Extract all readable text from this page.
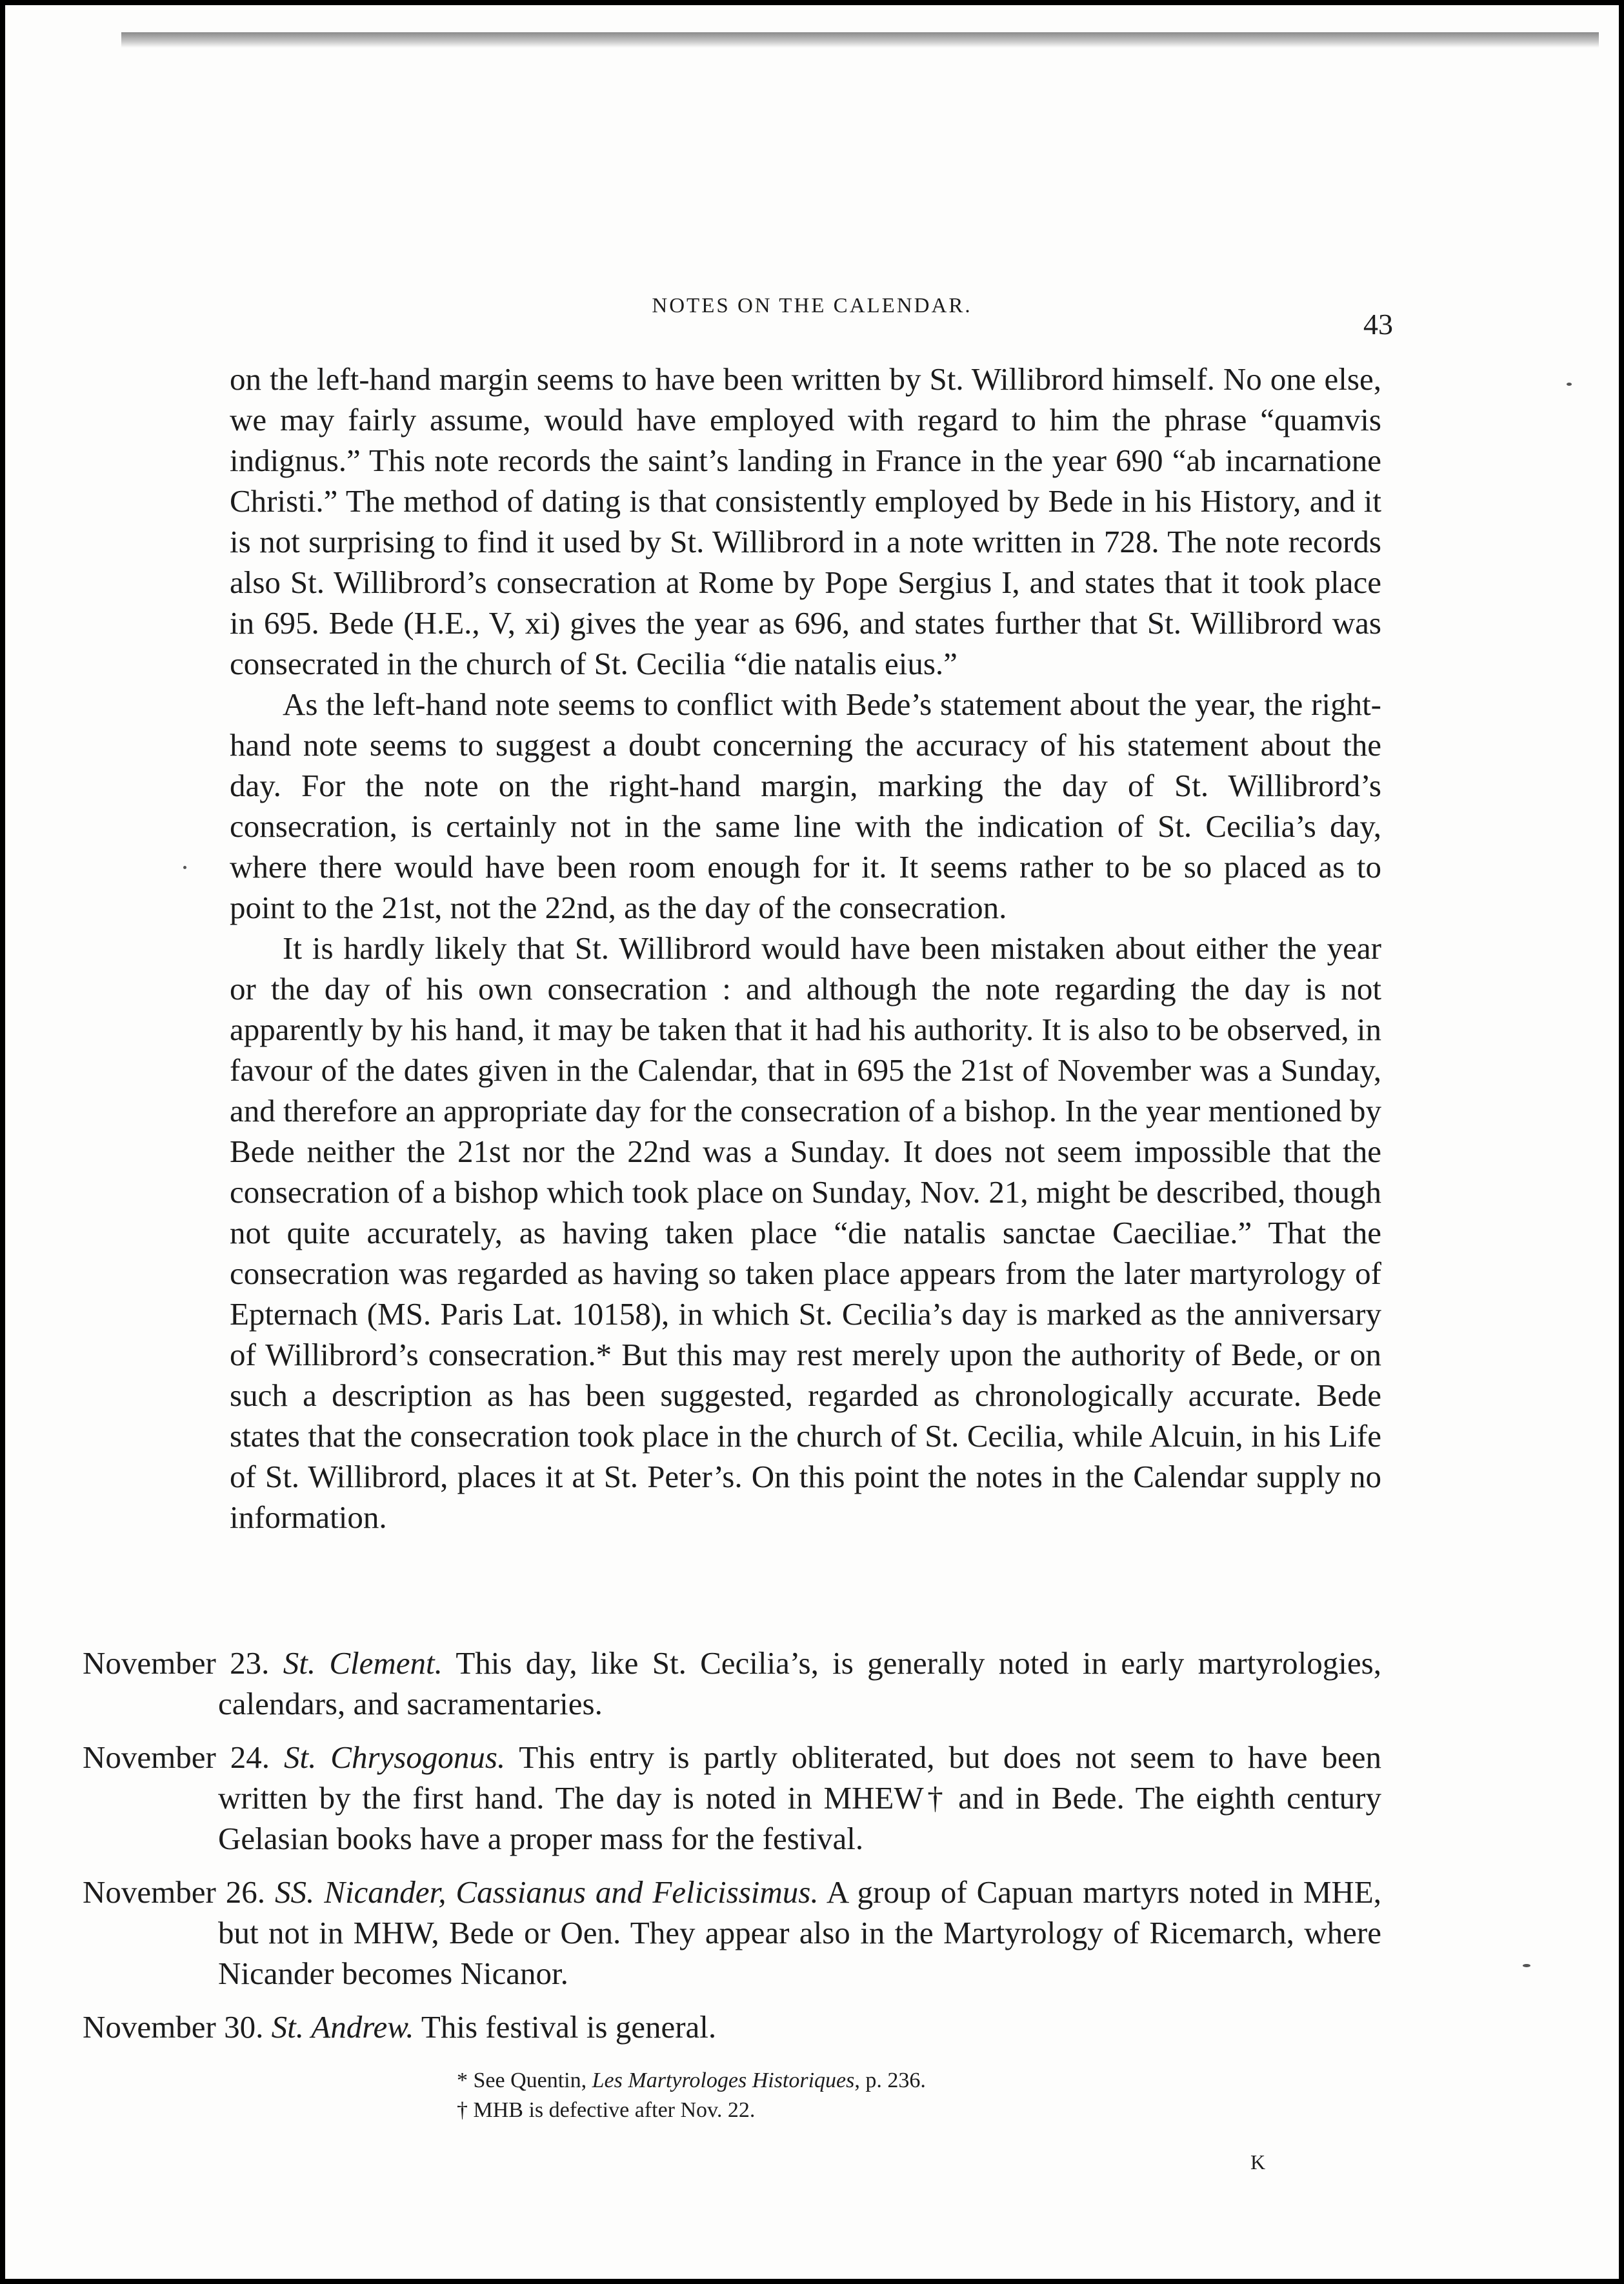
NOTES ON THE CALENDAR.
43

on the left-hand margin seems to have been written by St. Willibrord himself. No one else, we may fairly assume, would have employed with regard to him the phrase “quamvis indignus.” This note records the saint’s landing in France in the year 690 “ab incarnatione Christi.” The method of dating is that consistently employed by Bede in his History, and it is not surprising to find it used by St. Willibrord in a note written in 728. The note records also St. Willibrord’s consecration at Rome by Pope Sergius I, and states that it took place in 695. Bede (H.E., V, xi) gives the year as 696, and states further that St. Willibrord was consecrated in the church of St. Cecilia “die natalis eius.”

As the left-hand note seems to conflict with Bede’s statement about the year, the right-hand note seems to suggest a doubt concerning the accuracy of his statement about the day. For the note on the right-hand margin, marking the day of St. Willibrord’s consecration, is certainly not in the same line with the indication of St. Cecilia’s day, where there would have been room enough for it. It seems rather to be so placed as to point to the 21st, not the 22nd, as the day of the consecration.

It is hardly likely that St. Willibrord would have been mistaken about either the year or the day of his own consecration : and although the note regarding the day is not apparently by his hand, it may be taken that it had his authority. It is also to be observed, in favour of the dates given in the Calendar, that in 695 the 21st of November was a Sunday, and therefore an appropriate day for the consecration of a bishop. In the year mentioned by Bede neither the 21st nor the 22nd was a Sunday. It does not seem impossible that the consecration of a bishop which took place on Sunday, Nov. 21, might be described, though not quite accurately, as having taken place “die natalis sanctae Caeciliae.” That the consecration was regarded as having so taken place appears from the later martyrology of Epternach (MS. Paris Lat. 10158), in which St. Cecilia’s day is marked as the anniversary of Willibrord’s consecration.* But this may rest merely upon the authority of Bede, or on such a description as has been suggested, regarded as chronologically accurate. Bede states that the consecration took place in the church of St. Cecilia, while Alcuin, in his Life of St. Willibrord, places it at St. Peter’s. On this point the notes in the Calendar supply no information.

November 23. St. Clement. This day, like St. Cecilia’s, is generally noted in early martyrologies, calendars, and sacramentaries.

November 24. St. Chrysogonus. This entry is partly obliterated, but does not seem to have been written by the first hand. The day is noted in MHEW† and in Bede. The eighth century Gelasian books have a proper mass for the festival.

November 26. SS. Nicander, Cassianus and Felicissimus. A group of Capuan martyrs noted in MHE, but not in MHW, Bede or Oen. They appear also in the Martyrology of Ricemarch, where Nicander becomes Nicanor.

November 30. St. Andrew. This festival is general.

* See Quentin, Les Martyrologes Historiques, p. 236.

† MHB is defective after Nov. 22.

K
